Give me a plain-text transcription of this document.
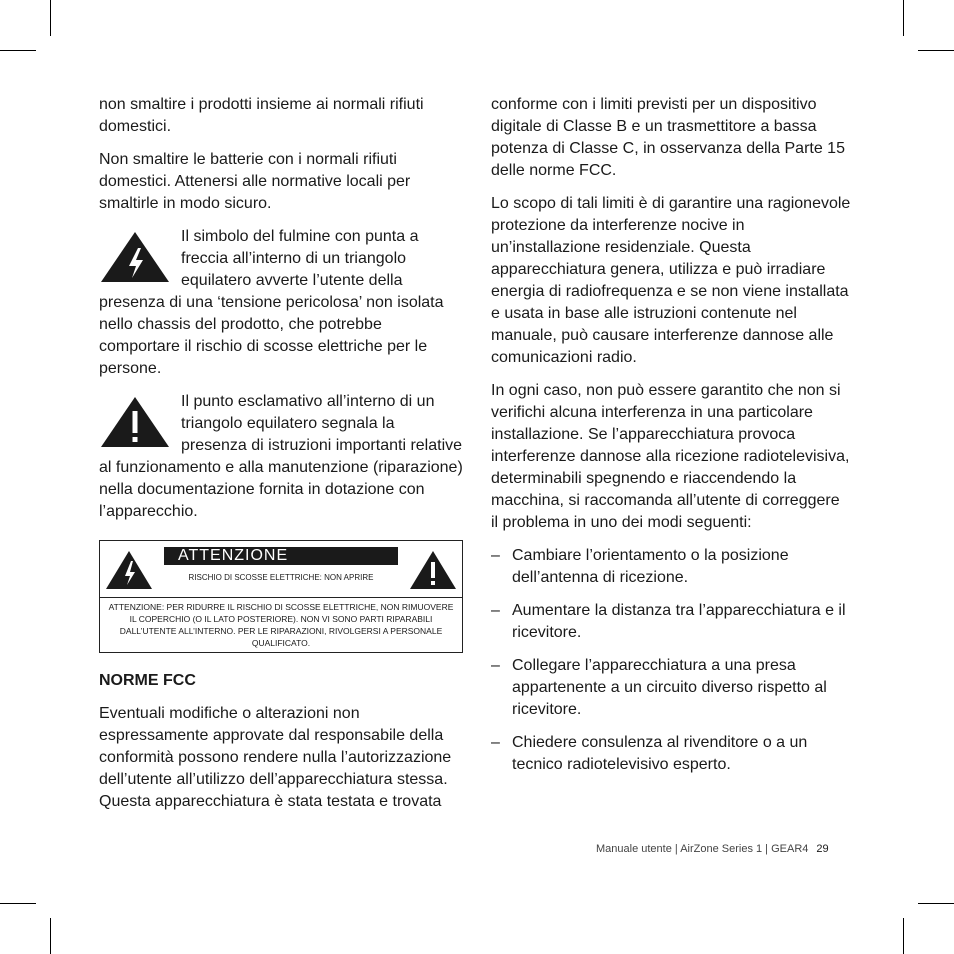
non smaltire i prodotti insieme ai normali rifiuti domestici.

Non smaltire le batterie con i normali rifiuti domestici. Attenersi alle normative locali per smaltirle in modo sicuro.

Il simbolo del fulmine con punta a freccia all’interno di un triangolo equilatero avverte l’utente della presenza di una ‘tensione pericolosa’ non isolata nello chassis del prodotto, che potrebbe comportare il rischio di scosse elettriche per le persone.
Il punto esclamativo all’interno di un triangolo equilatero segnala la presenza di istruzioni importanti relative al funzionamento e alla manutenzione (riparazione) nella documentazione fornita in dotazione con l’apparecchio.
ATTENZIONE
RISCHIO DI SCOSSE ELETTRICHE: NON APRIRE
ATTENZIONE: PER RIDURRE IL RISCHIO DI SCOSSE ELETTRICHE, NON RIMUOVERE IL COPERCHIO (O IL LATO POSTERIORE). NON VI SONO PARTI RIPARABILI DALL’UTENTE ALL’INTERNO. PER LE RIPARAZIONI, RIVOLGERSI A PERSONALE QUALIFICATO.

NORME FCC

Eventuali modifiche o alterazioni non espressamente approvate dal responsabile della conformità possono rendere nulla l’autorizzazione dell’utente all’utilizzo dell’apparecchiatura stessa. Questa apparecchiatura è stata testata e trovata

conforme con i limiti previsti per un dispositivo digitale di Classe B e un trasmettitore a bassa potenza di Classe C, in osservanza della Parte 15 delle norme FCC.

Lo scopo di tali limiti è di garantire una ragionevole protezione da interferenze nocive in un’installazione residenziale. Questa apparecchiatura genera, utilizza e può irradiare energia di radiofrequenza e se non viene installata e usata in base alle istruzioni contenute nel manuale, può causare interferenze dannose alle comunicazioni radio.

In ogni caso, non può essere garantito che non si verifichi alcuna interferenza in una particolare installazione. Se l’apparecchiatura provoca interferenze dannose alla ricezione radiotelevisiva, determinabili spegnendo e riaccendendo la macchina, si raccomanda all’utente di correggere il problema in uno dei modi seguenti:

– Cambiare l’orientamento o la posizione dell’antenna di ricezione.
– Aumentare la distanza tra l’apparecchiatura e il ricevitore.
– Collegare l’apparecchiatura a una presa appartenente a un circuito diverso rispetto al ricevitore.
– Chiedere consulenza al rivenditore o a un tecnico radiotelevisivo esperto.
Manuale utente | AirZone Series 1 | GEAR4 29
